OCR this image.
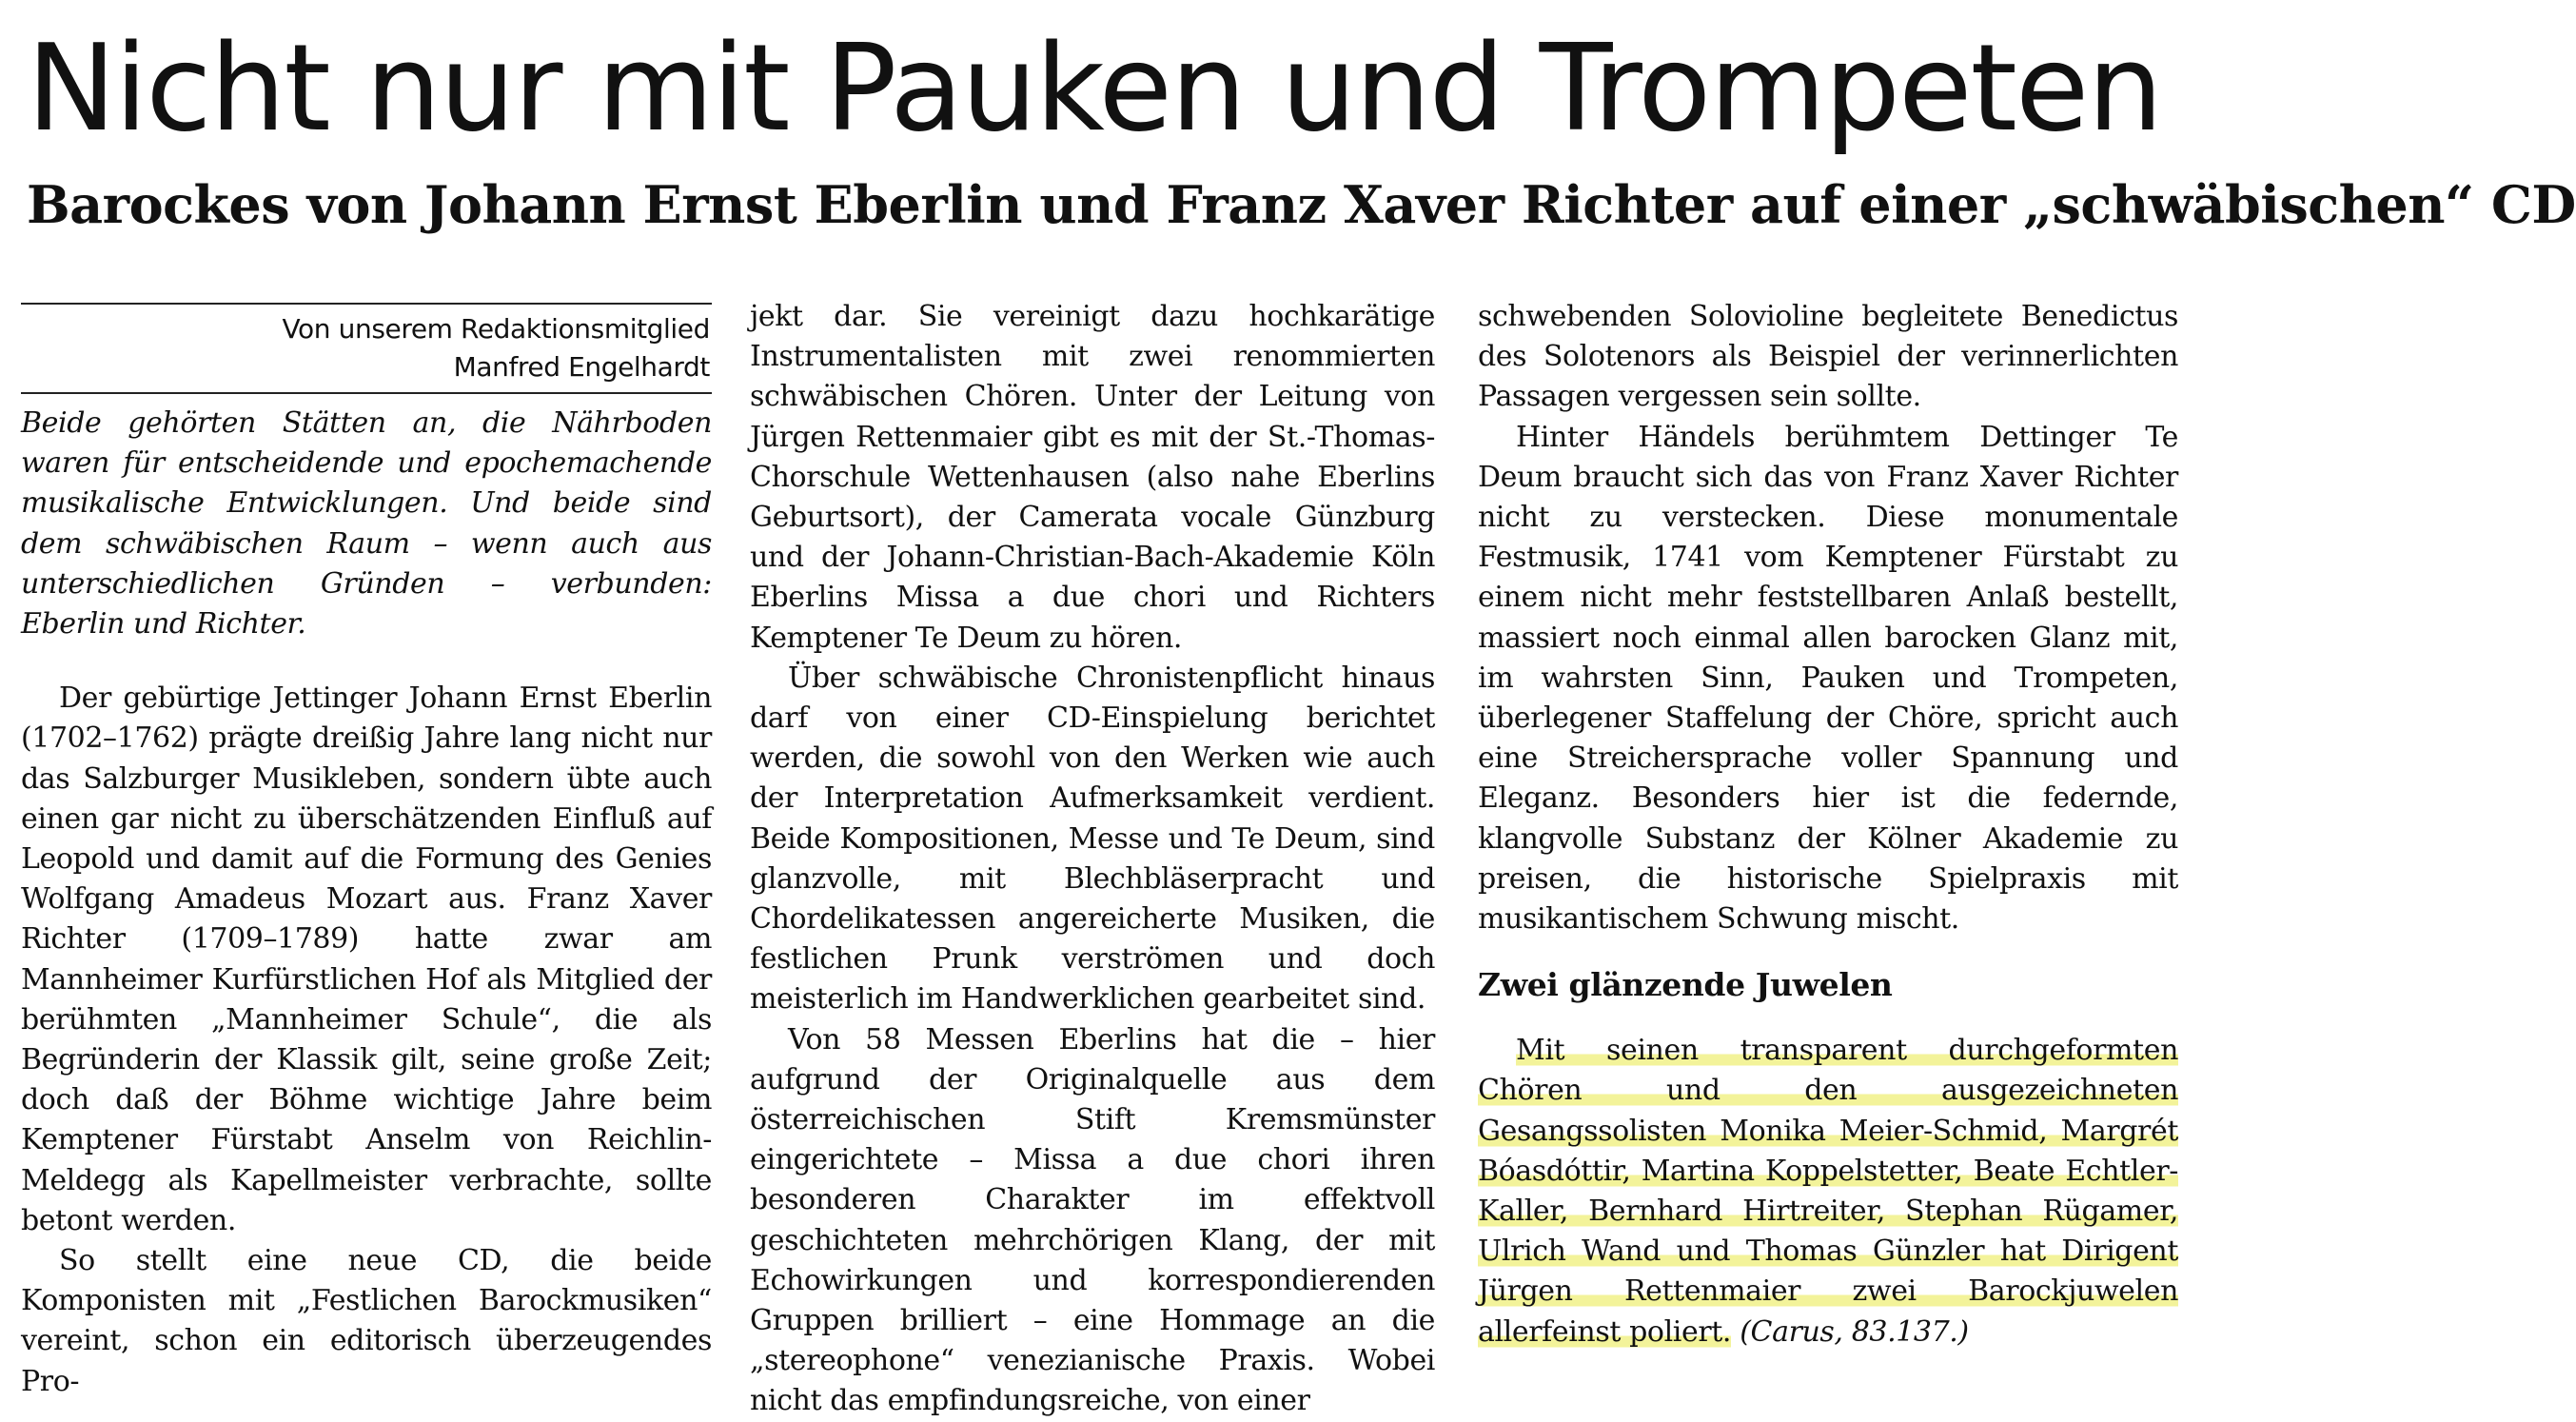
Nicht nur mit Pauken und Trompeten
Barockes von Johann Ernst Eberlin und Franz Xaver Richter auf einer „schwäbischen“ CD
Von unserem Redaktionsmitglied
Manfred Engelhardt

Beide gehörten Stätten an, die Nährboden waren für entscheidende und epochemachende musikalische Entwicklungen. Und beide sind dem schwäbischen Raum – wenn auch aus unterschiedlichen Gründen – verbunden: Eberlin und Richter.

Der gebürtige Jettinger Johann Ernst Eberlin (1702–1762) prägte dreißig Jahre lang nicht nur das Salzburger Musikleben, sondern übte auch einen gar nicht zu überschätzenden Einfluß auf Leopold und damit auf die Formung des Genies Wolfgang Amadeus Mozart aus. Franz Xaver Richter (1709–1789) hatte zwar am Mannheimer Kurfürstlichen Hof als Mitglied der berühmten „Mannheimer Schule“, die als Begründerin der Klassik gilt, seine große Zeit; doch daß der Böhme wichtige Jahre beim Kemptener Fürstabt Anselm von Reichlin-Meldegg als Kapellmeister verbrachte, sollte betont werden.

So stellt eine neue CD, die beide Komponisten mit „Festlichen Barockmusiken“ vereint, schon ein editorisch überzeugendes Pro-

jekt dar. Sie vereinigt dazu hochkarätige Instrumentalisten mit zwei renommierten schwäbischen Chören. Unter der Leitung von Jürgen Rettenmaier gibt es mit der St.-Thomas-Chorschule Wettenhausen (also nahe Eberlins Geburtsort), der Camerata vocale Günzburg und der Johann-Christian-Bach-Akademie Köln Eberlins Missa a due chori und Richters Kemptener Te Deum zu hören.

Über schwäbische Chronistenpflicht hinaus darf von einer CD-Einspielung berichtet werden, die sowohl von den Werken wie auch der Interpretation Aufmerksamkeit verdient. Beide Kompositionen, Messe und Te Deum, sind glanzvolle, mit Blechbläserpracht und Chordelikatessen angereicherte Musiken, die festlichen Prunk verströmen und doch meisterlich im Handwerklichen gearbeitet sind.

Von 58 Messen Eberlins hat die – hier aufgrund der Originalquelle aus dem österreichischen Stift Kremsmünster eingerichtete – Missa a due chori ihren besonderen Charakter im effektvoll geschichteten mehrchörigen Klang, der mit Echowirkungen und korrespondierenden Gruppen brilliert – eine Hommage an die „stereophone“ venezianische Praxis. Wobei nicht das empfindungsreiche, von einer

schwebenden Solovioline begleitete Benedictus des Solotenors als Beispiel der verinnerlichten Passagen vergessen sein sollte.

Hinter Händels berühmtem Dettinger Te Deum braucht sich das von Franz Xaver Richter nicht zu verstecken. Diese monumentale Festmusik, 1741 vom Kemptener Fürstabt zu einem nicht mehr feststellbaren Anlaß bestellt, massiert noch einmal allen barocken Glanz mit, im wahrsten Sinn, Pauken und Trompeten, überlegener Staffelung der Chöre, spricht auch eine Streichersprache voller Spannung und Eleganz. Besonders hier ist die federnde, klangvolle Substanz der Kölner Akademie zu preisen, die historische Spielpraxis mit musikantischem Schwung mischt.

Zwei glänzende Juwelen

Mit seinen transparent durchgeformten Chören und den ausgezeichneten Gesangssolisten Monika Meier-Schmid, Margrét Bóasdóttir, Martina Koppelstetter, Beate Echtler-Kaller, Bernhard Hirtreiter, Stephan Rügamer, Ulrich Wand und Thomas Günzler hat Dirigent Jürgen Rettenmaier zwei Barockjuwelen allerfeinst poliert. (Carus, 83.137.)
